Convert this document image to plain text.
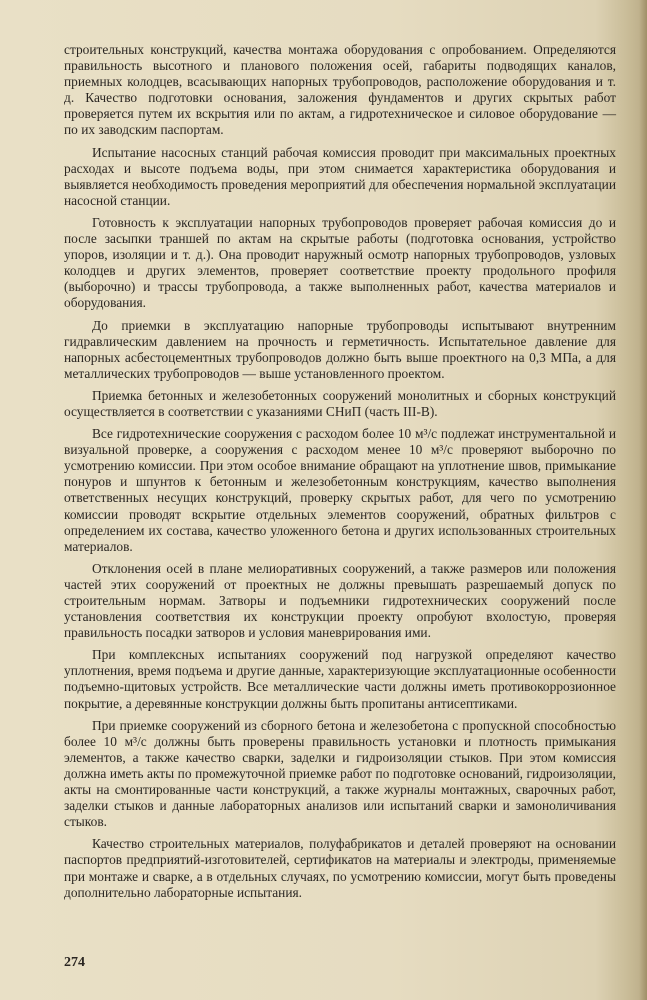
строительных конструкций, качества монтажа оборудования с опробованием. Определяются правильность высотного и планового положения осей, габариты подводящих каналов, приемных колодцев, всасывающих напорных трубопроводов, расположение оборудования и т. д. Качество подготовки основания, заложения фундаментов и других скрытых работ проверяется путем их вскрытия или по актам, а гидротехническое и силовое оборудование — по их заводским паспортам.

Испытание насосных станций рабочая комиссия проводит при максимальных проектных расходах и высоте подъема воды, при этом снимается характеристика оборудования и выявляется необходимость проведения мероприятий для обеспечения нормальной эксплуатации насосной станции.

Готовность к эксплуатации напорных трубопроводов проверяет рабочая комиссия до и после засыпки траншей по актам на скрытые работы (подготовка основания, устройство упоров, изоляции и т. д.). Она проводит наружный осмотр напорных трубопроводов, узловых колодцев и других элементов, проверяет соответствие проекту продольного профиля (выборочно) и трассы трубопровода, а также выполненных работ, качества материалов и оборудования.

До приемки в эксплуатацию напорные трубопроводы испытывают внутренним гидравлическим давлением на прочность и герметичность. Испытательное давление для напорных асбестоцементных трубопроводов должно быть выше проектного на 0,3 МПа, а для металлических трубопроводов — выше установленного проектом.

Приемка бетонных и железобетонных сооружений монолитных и сборных конструкций осуществляется в соответствии с указаниями СНиП (часть III-В).

Все гидротехнические сооружения с расходом более 10 м³/с подлежат инструментальной и визуальной проверке, а сооружения с расходом менее 10 м³/с проверяют выборочно по усмотрению комиссии. При этом особое внимание обращают на уплотнение швов, примыкание понуров и шпунтов к бетонным и железобетонным конструкциям, качество выполнения ответственных несущих конструкций, проверку скрытых работ, для чего по усмотрению комиссии проводят вскрытие отдельных элементов сооружений, обратных фильтров с определением их состава, качество уложенного бетона и других использованных строительных материалов.

Отклонения осей в плане мелиоративных сооружений, а также размеров или положения частей этих сооружений от проектных не должны превышать разрешаемый допуск по строительным нормам. Затворы и подъемники гидротехнических сооружений после установления соответствия их конструкции проекту опробуют вхолостую, проверяя правильность посадки затворов и условия маневрирования ими.

При комплексных испытаниях сооружений под нагрузкой определяют качество уплотнения, время подъема и другие данные, характеризующие эксплуатационные особенности подъемно-щитовых устройств. Все металлические части должны иметь противокоррозионное покрытие, а деревянные конструкции должны быть пропитаны антисептиками.

При приемке сооружений из сборного бетона и железобетона с пропускной способностью более 10 м³/с должны быть проверены правильность установки и плотность примыкания элементов, а также качество сварки, заделки и гидроизоляции стыков. При этом комиссия должна иметь акты по промежуточной приемке работ по подготовке оснований, гидроизоляции, акты на смонтированные части конструкций, а также журналы монтажных, сварочных работ, заделки стыков и данные лабораторных анализов или испытаний сварки и замоноличивания стыков.

Качество строительных материалов, полуфабрикатов и деталей проверяют на основании паспортов предприятий-изготовителей, сертификатов на материалы и электроды, применяемые при монтаже и сварке, а в отдельных случаях, по усмотрению комиссии, могут быть проведены дополнительно лабораторные испытания.

274
